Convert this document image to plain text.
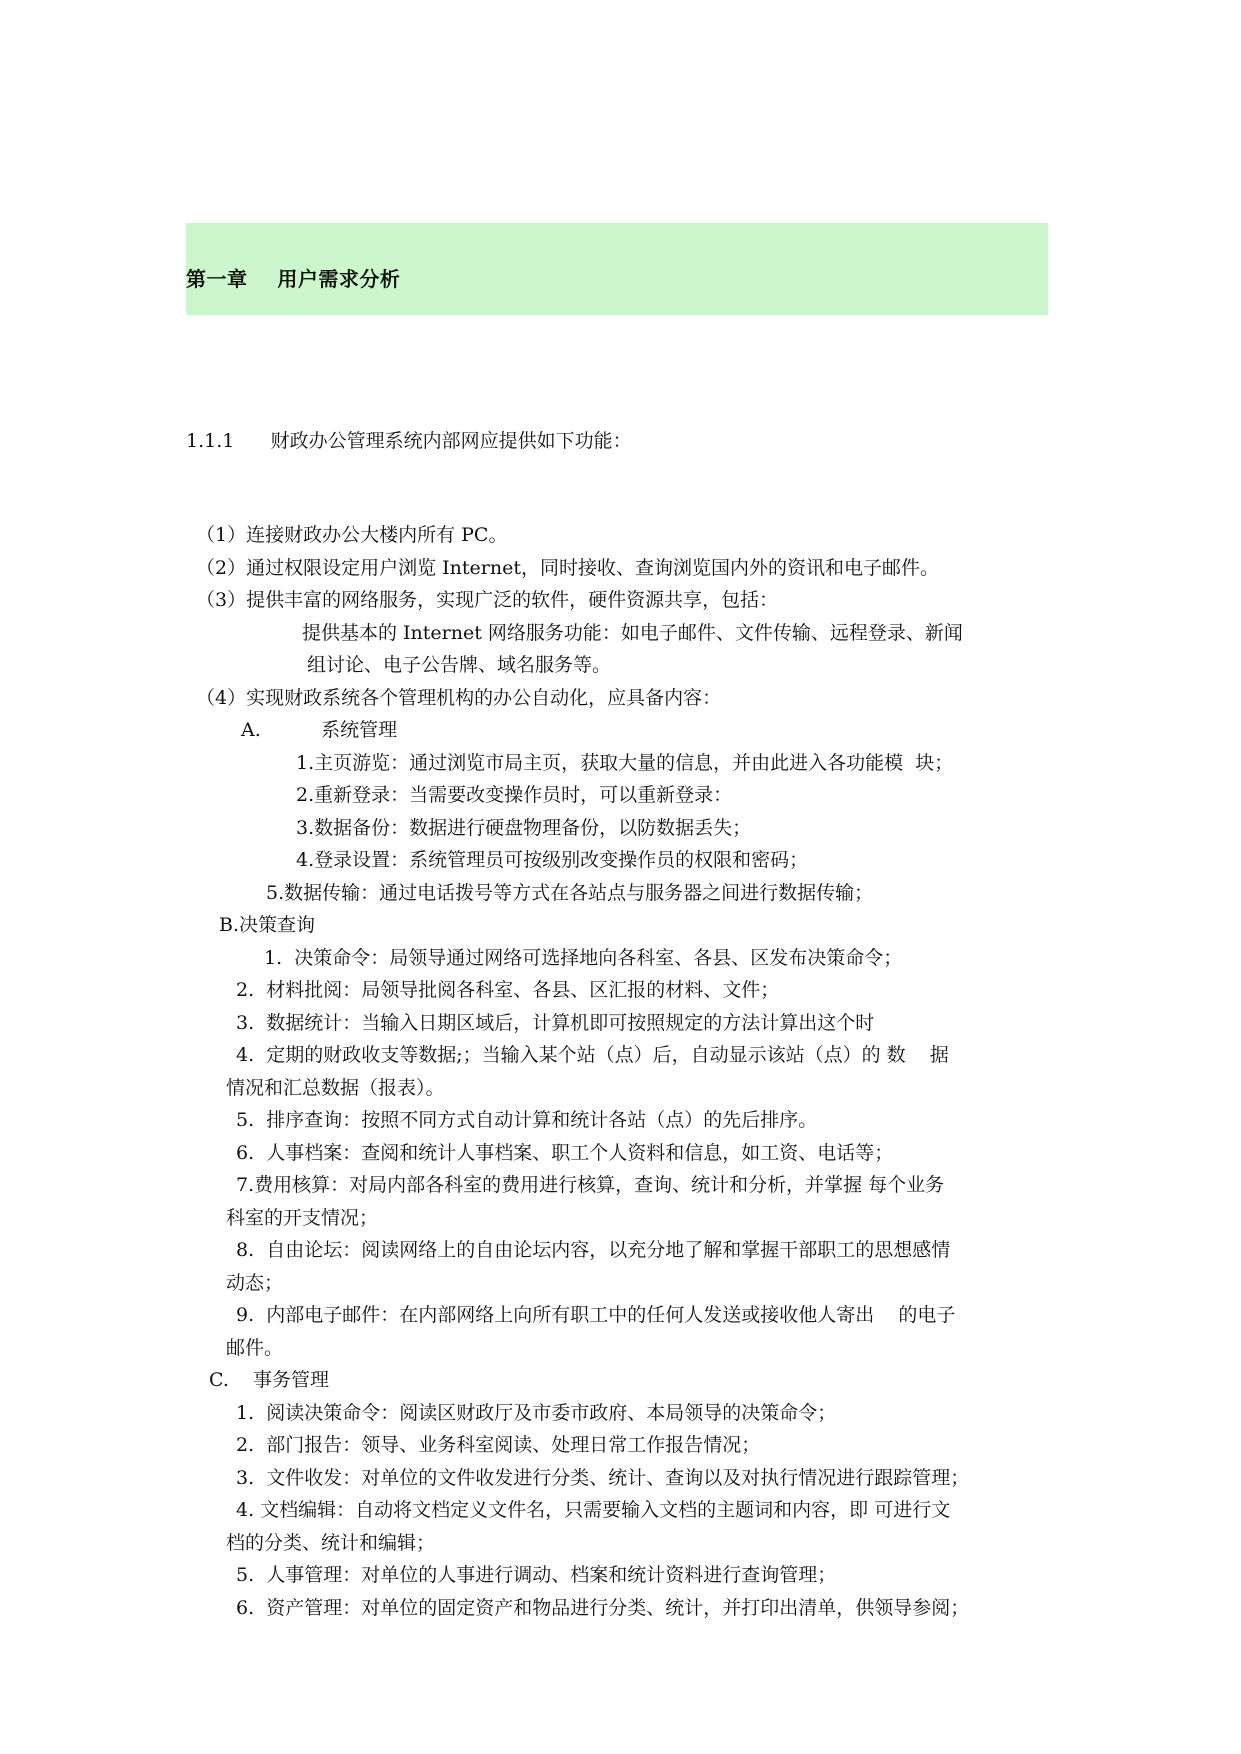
第一章    用户需求分析
1.1.1      财政办公管理系统内部网应提供如下功能：
（1）连接财政办公大楼内所有 PC。
（2）通过权限设定用户浏览 Internet，同时接收、查询浏览国内外的资讯和电子邮件。
（3）提供丰富的网络服务，实现广泛的软件，硬件资源共享，包括：
提供基本的 Internet 网络服务功能：如电子邮件、文件传输、远程登录、新闻
组讨论、电子公告牌、域名服务等。
（4）实现财政系统各个管理机构的办公自动化，应具备内容：
A.          系统管理
1.主页游览：通过浏览市局主页，获取大量的信息，并由此进入各功能模  块；
2.重新登录：当需要改变操作员时，可以重新登录：
3.数据备份：数据进行硬盘物理备份，以防数据丢失；
4.登录设置：系统管理员可按级别改变操作员的权限和密码；
5.数据传输：通过电话拨号等方式在各站点与服务器之间进行数据传输；
B.决策查询
1.  决策命令：局领导通过网络可选择地向各科室、各县、区发布决策命令；
2.  材料批阅：局领导批阅各科室、各县、区汇报的材料、文件；
3.  数据统计：当输入日期区域后，计算机即可按照规定的方法计算出这个时
4.  定期的财政收支等数据;；当输入某个站（点）后，自动显示该站（点）的 数    据
情况和汇总数据（报表）。
5.  排序查询：按照不同方式自动计算和统计各站（点）的先后排序。
6.  人事档案：查阅和统计人事档案、职工个人资料和信息，如工资、电话等；
7.费用核算：对局内部各科室的费用进行核算，查询、统计和分析，并掌握 每个业务
科室的开支情况；
8.  自由论坛：阅读网络上的自由论坛内容，以充分地了解和掌握干部职工的思想感情
动态；
9.  内部电子邮件：在内部网络上向所有职工中的任何人发送或接收他人寄出    的电子
邮件。
C.    事务管理
1.  阅读决策命令：阅读区财政厅及市委市政府、本局领导的决策命令；
2.  部门报告：领导、业务科室阅读、处理日常工作报告情况；
3.  文件收发：对单位的文件收发进行分类、统计、查询以及对执行情况进行跟踪管理；
4. 文档编辑：自动将文档定义文件名，只需要输入文档的主题词和内容，即 可进行文
档的分类、统计和编辑；
5.  人事管理：对单位的人事进行调动、档案和统计资料进行查询管理；
6.  资产管理：对单位的固定资产和物品进行分类、统计，并打印出清单，供领导参阅；
